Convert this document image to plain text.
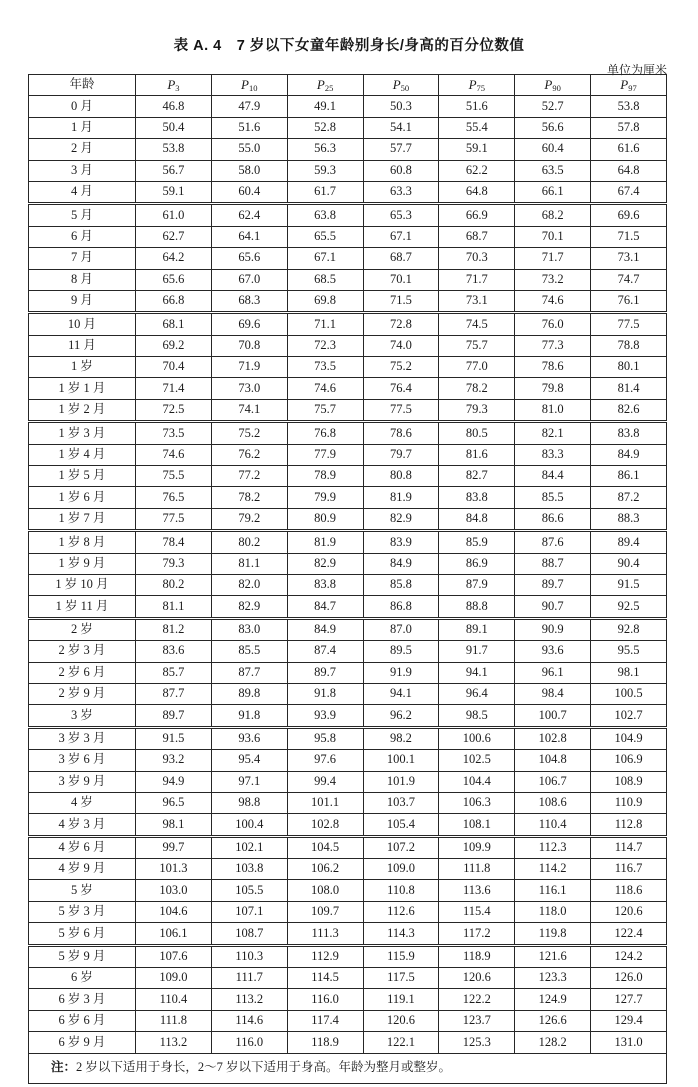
表 A. 4　7 岁以下女童年龄别身长/身高的百分位数值
单位为厘米
年龄	$P_3$	$P_{10}$	$P_{25}$	$P_{50}$	$P_{75}$	$P_{90}$	$P_{97}$
0 月	46.8	47.9	49.1	50.3	51.6	52.7	53.8
1 月	50.4	51.6	52.8	54.1	55.4	56.6	57.8
2 月	53.8	55.0	56.3	57.7	59.1	60.4	61.6
3 月	56.7	58.0	59.3	60.8	62.2	63.5	64.8
4 月	59.1	60.4	61.7	63.3	64.8	66.1	67.4
5 月	61.0	62.4	63.8	65.3	66.9	68.2	69.6
6 月	62.7	64.1	65.5	67.1	68.7	70.1	71.5
7 月	64.2	65.6	67.1	68.7	70.3	71.7	73.1
8 月	65.6	67.0	68.5	70.1	71.7	73.2	74.7
9 月	66.8	68.3	69.8	71.5	73.1	74.6	76.1
10 月	68.1	69.6	71.1	72.8	74.5	76.0	77.5
11 月	69.2	70.8	72.3	74.0	75.7	77.3	78.8
1 岁	70.4	71.9	73.5	75.2	77.0	78.6	80.1
1 岁 1 月	71.4	73.0	74.6	76.4	78.2	79.8	81.4
1 岁 2 月	72.5	74.1	75.7	77.5	79.3	81.0	82.6
1 岁 3 月	73.5	75.2	76.8	78.6	80.5	82.1	83.8
1 岁 4 月	74.6	76.2	77.9	79.7	81.6	83.3	84.9
1 岁 5 月	75.5	77.2	78.9	80.8	82.7	84.4	86.1
1 岁 6 月	76.5	78.2	79.9	81.9	83.8	85.5	87.2
1 岁 7 月	77.5	79.2	80.9	82.9	84.8	86.6	88.3
1 岁 8 月	78.4	80.2	81.9	83.9	85.9	87.6	89.4
1 岁 9 月	79.3	81.1	82.9	84.9	86.9	88.7	90.4
1 岁 10 月	80.2	82.0	83.8	85.8	87.9	89.7	91.5
1 岁 11 月	81.1	82.9	84.7	86.8	88.8	90.7	92.5
2 岁	81.2	83.0	84.9	87.0	89.1	90.9	92.8
2 岁 3 月	83.6	85.5	87.4	89.5	91.7	93.6	95.5
2 岁 6 月	85.7	87.7	89.7	91.9	94.1	96.1	98.1
2 岁 9 月	87.7	89.8	91.8	94.1	96.4	98.4	100.5
3 岁	89.7	91.8	93.9	96.2	98.5	100.7	102.7
3 岁 3 月	91.5	93.6	95.8	98.2	100.6	102.8	104.9
3 岁 6 月	93.2	95.4	97.6	100.1	102.5	104.8	106.9
3 岁 9 月	94.9	97.1	99.4	101.9	104.4	106.7	108.9
4 岁	96.5	98.8	101.1	103.7	106.3	108.6	110.9
4 岁 3 月	98.1	100.4	102.8	105.4	108.1	110.4	112.8
4 岁 6 月	99.7	102.1	104.5	107.2	109.9	112.3	114.7
4 岁 9 月	101.3	103.8	106.2	109.0	111.8	114.2	116.7
5 岁	103.0	105.5	108.0	110.8	113.6	116.1	118.6
5 岁 3 月	104.6	107.1	109.7	112.6	115.4	118.0	120.6
5 岁 6 月	106.1	108.7	111.3	114.3	117.2	119.8	122.4
5 岁 9 月	107.6	110.3	112.9	115.9	118.9	121.6	124.2
6 岁	109.0	111.7	114.5	117.5	120.6	123.3	126.0
6 岁 3 月	110.4	113.2	116.0	119.1	122.2	124.9	127.7
6 岁 6 月	111.8	114.6	117.4	120.6	123.7	126.6	129.4
6 岁 9 月	113.2	116.0	118.9	122.1	125.3	128.2	131.0
注：2 岁以下适用于身长，2～7 岁以下适用于身高。年龄为整月或整岁。							
